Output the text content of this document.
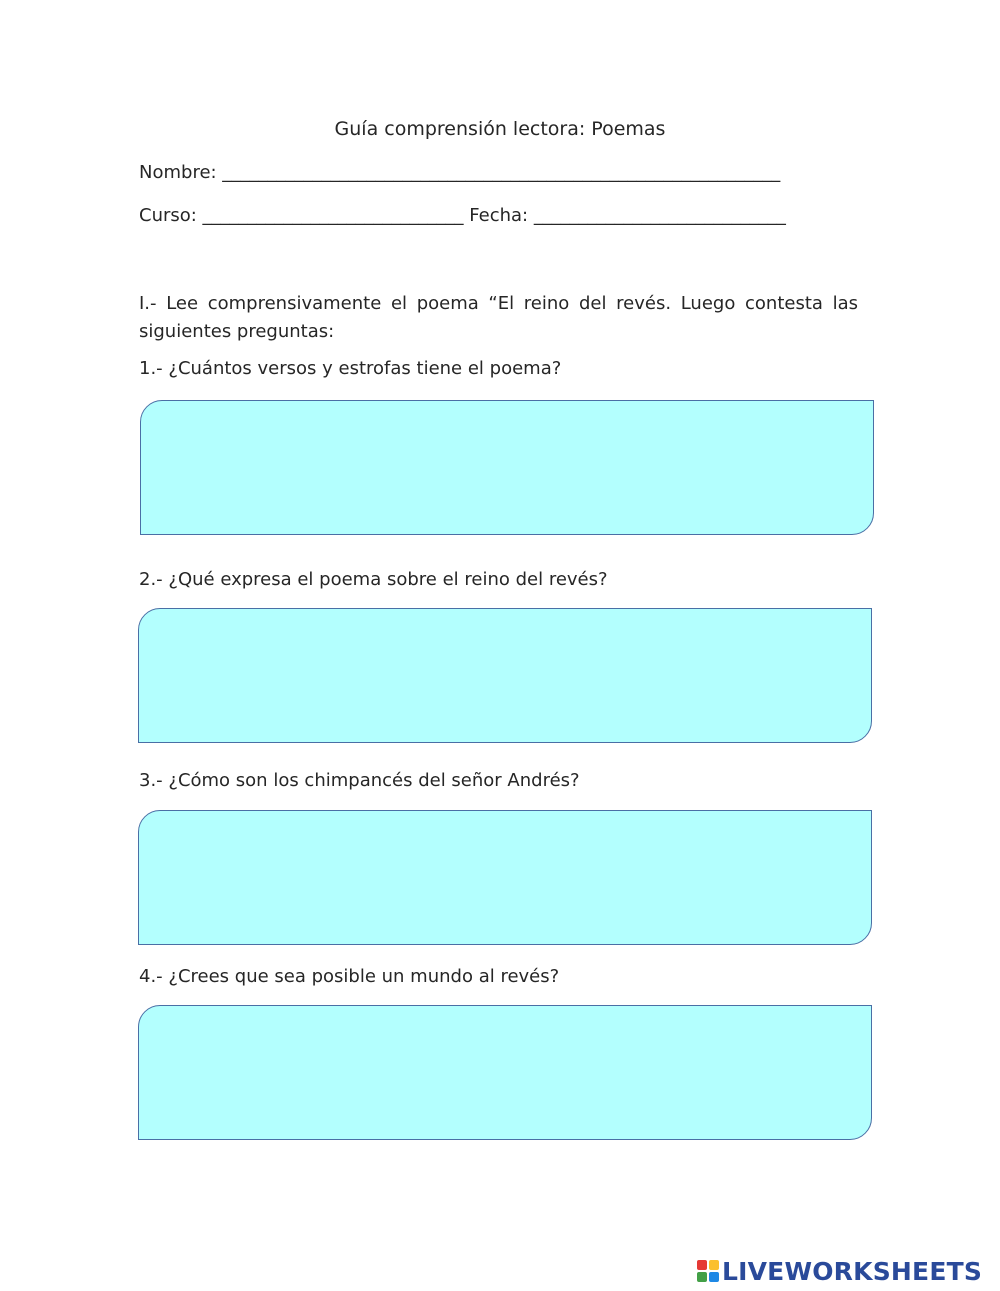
Guía comprensión lectora: Poemas
Nombre: ______________________________________________________________
Curso: _____________________________ Fecha: ____________________________
I.- Lee comprensivamente el poema “El reino del revés. Luego contesta las siguientes preguntas:
1.- ¿Cuántos versos y estrofas tiene el poema?
2.- ¿Qué expresa el poema sobre el reino del revés?
3.- ¿Cómo son los chimpancés del señor Andrés?
4.- ¿Crees que sea posible un mundo al revés?
LIVEWORKSHEETS
